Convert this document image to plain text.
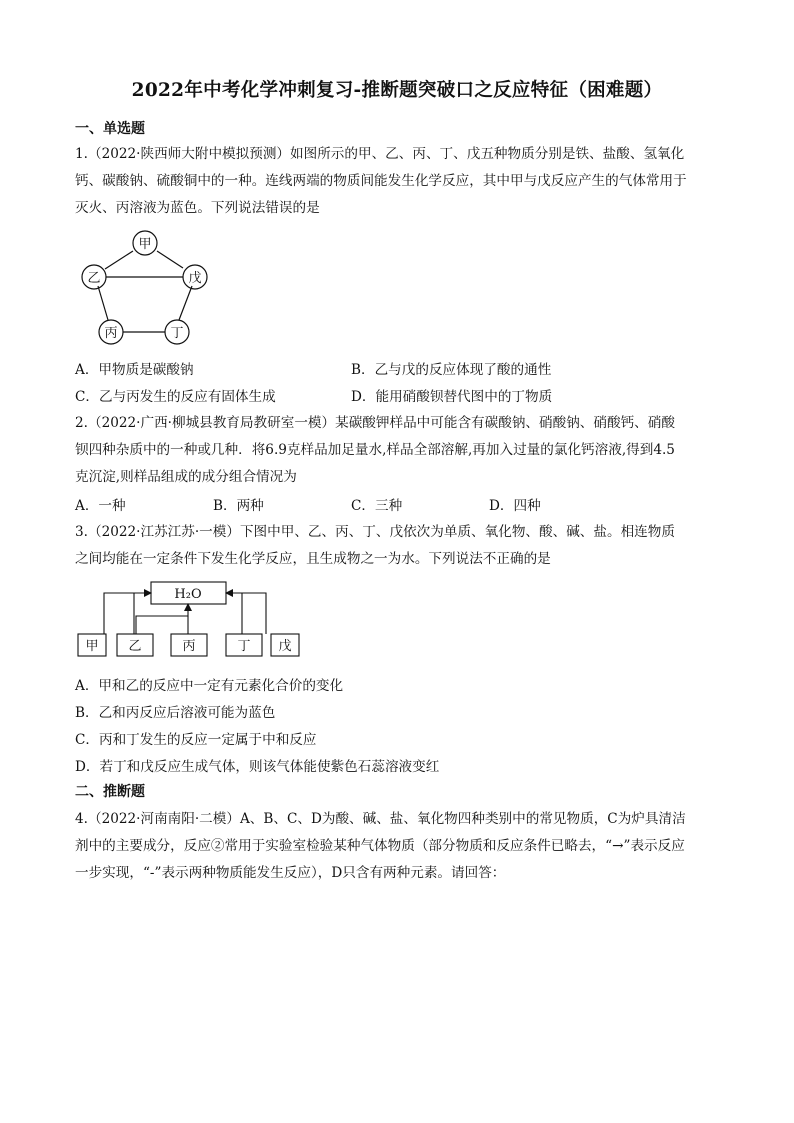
2022年中考化学冲刺复习-推断题突破口之反应特征（困难题）
一、单选题
1.（2022·陕西师大附中模拟预测）如图所示的甲、乙、丙、丁、戊五种物质分别是铁、盐酸、氢氧化
钙、碳酸钠、硫酸铜中的一种。连线两端的物质间能发生化学反应，其中甲与戊反应产生的气体常用于
灭火、丙溶液为蓝色。下列说法错误的是
甲
乙	戊
丙	丁
A．甲物质是碳酸钠	B．乙与戊的反应体现了酸的通性
C．乙与丙发生的反应有固体生成	D．能用硝酸钡替代图中的丁物质
2.（2022·广西·柳城县教育局教研室一模）某碳酸钾样品中可能含有碳酸钠、硝酸钠、硝酸钙、硝酸
钡四种杂质中的一种或几种．将6.9克样品加足量水,样品全部溶解,再加入过量的氯化钙溶液,得到4.5
克沉淀,则样品组成的成分组合情况为
A．一种	B．两种	C．三种	D．四种
3.（2022·江苏江苏·一模）下图中甲、乙、丙、丁、戊依次为单质、氧化物、酸、碱、盐。相连物质
之间均能在一定条件下发生化学反应，且生成物之一为水。下列说法不正确的是
H₂O
甲 乙	丙	丁 戊
A．甲和乙的反应中一定有元素化合价的变化
B．乙和丙反应后溶液可能为蓝色
C．丙和丁发生的反应一定属于中和反应
D．若丁和戊反应生成气体，则该气体能使紫色石蕊溶液变红
二、推断题
4.（2022·河南南阳·二模）A、B、C、D为酸、碱、盐、氧化物四种类别中的常见物质，C为炉具清洁
剂中的主要成分，反应②常用于实验室检验某种气体物质（部分物质和反应条件已略去，“→”表示反应
一步实现，“-”表示两种物质能发生反应），D只含有两种元素。请回答：
